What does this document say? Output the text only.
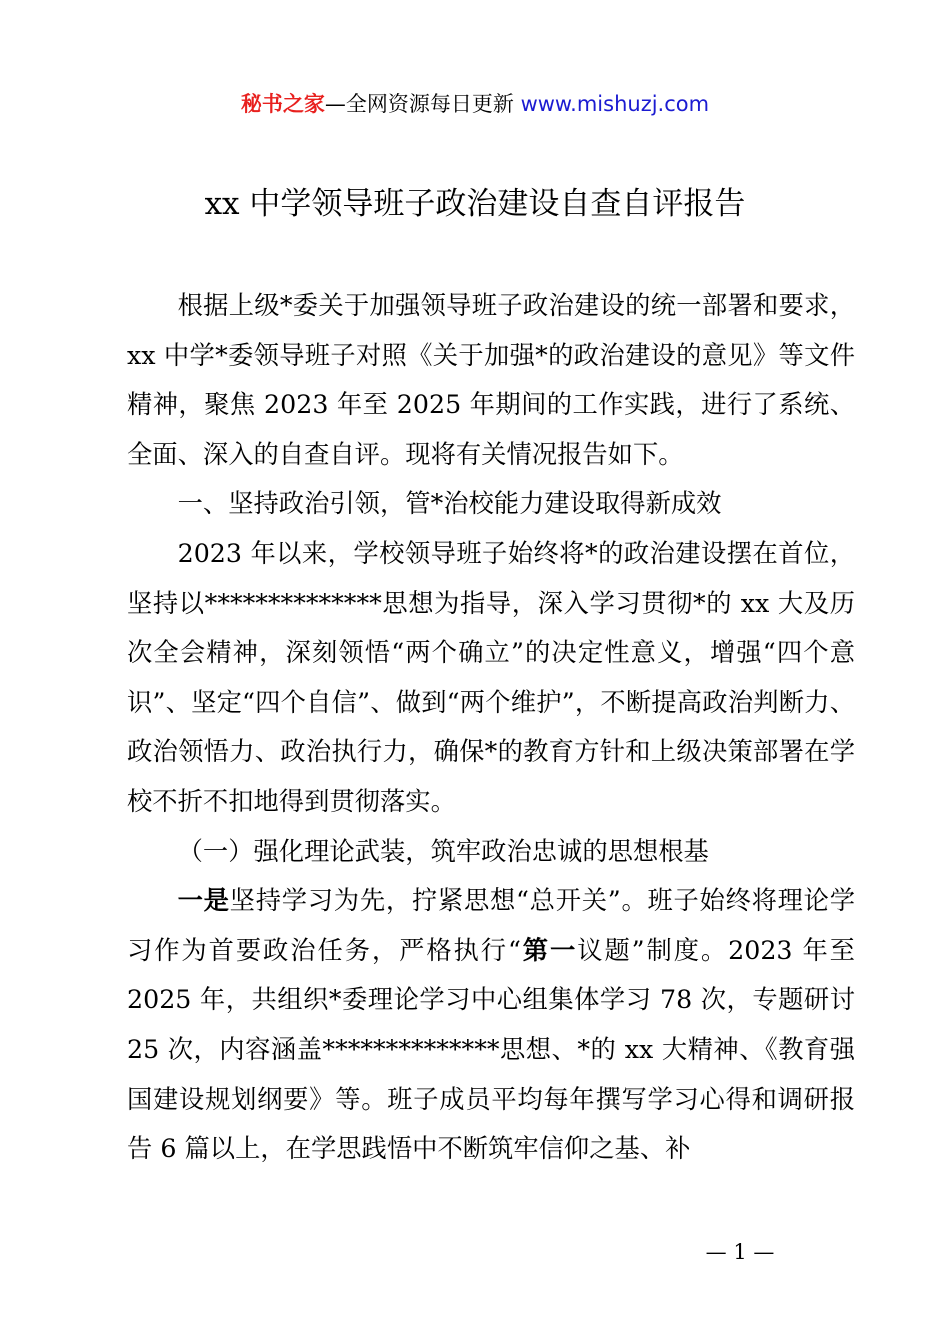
秘书之家—全网资源每日更新 www.mishuzj.com
xx 中学领导班子政治建设自查自评报告

根据上级*委关于加强领导班子政治建设的统一部署和要求，xx 中学*委领导班子对照《关于加强*的政治建设的意见》等文件精神，聚焦 2023 年至 2025 年期间的工作实践，进行了系统、全面、深入的自查自评。现将有关情况报告如下。

一、坚持政治引领，管*治校能力建设取得新成效

2023 年以来，学校领导班子始终将*的政治建设摆在首位，坚持以**************思想为指导，深入学习贯彻*的 xx 大及历次全会精神，深刻领悟“两个确立”的决定性意义，增强“四个意识”、坚定“四个自信”、做到“两个维护”，不断提高政治判断力、政治领悟力、政治执行力，确保*的教育方针和上级决策部署在学校不折不扣地得到贯彻落实。

（一）强化理论武装，筑牢政治忠诚的思想根基

一是坚持学习为先，拧紧思想“总开关”。班子始终将理论学习作为首要政治任务，严格执行“第一议题”制度。2023 年至 2025 年，共组织*委理论学习中心组集体学习 78 次，专题研讨 25 次，内容涵盖**************思想、*的 xx 大精神、《教育强国建设规划纲要》等。班子成员平均每年撰写学习心得和调研报告 6 篇以上，在学思践悟中不断筑牢信仰之基、补

— 1 —
